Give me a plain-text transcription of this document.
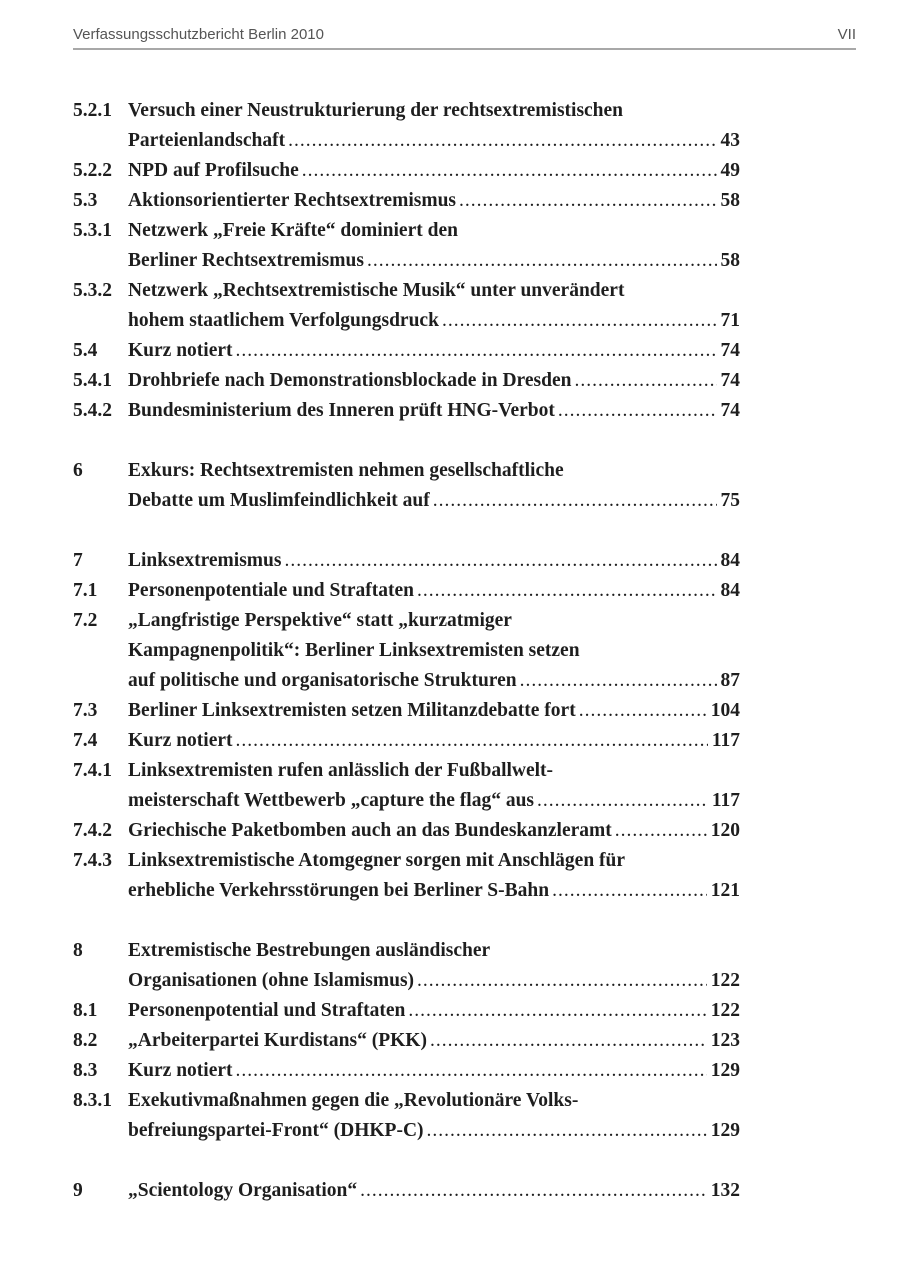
Verfassungsschutzbericht Berlin 2010	VII
5.2.1 Versuch einer Neustrukturierung der rechtsextremistischen
Parteienlandschaft .....	43
5.2.2 NPD auf Profilsuche .....	49
5.3	Aktionsorientierter Rechtsextremismus .....	58
5.3.1 Netzwerk „Freie Kräfte“ dominiert den
Berliner Rechtsextremismus .....	58
5.3.2 Netzwerk „Rechtsextremistische Musik“ unter unverändert
hohem staatlichem Verfolgungsdruck .....	71
5.4	Kurz notiert .....	74
5.4.1 Drohbriefe nach Demonstrationsblockade in Dresden .....	74
5.4.2 Bundesministerium des Inneren prüft HNG-Verbot .....	74
6	Exkurs: Rechtsextremisten nehmen gesellschaftliche
Debatte um Muslimfeindlichkeit auf .....	75
7	Linksextremismus .....	84
7.1	Personenpotentiale und Straftaten .....	84
7.2	„Langfristige Perspektive“ statt „kurzatmiger
Kampagnenpolitik“: Berliner Linksextremisten setzen
auf politische und organisatorische Strukturen .....	87
7.3	Berliner Linksextremisten setzen Militanzdebatte fort .....	104
7.4	Kurz notiert .....	117
7.4.1 Linksextremisten rufen anlässlich der Fußballwelt-
meisterschaft Wettbewerb „capture the flag“ aus .....	117
7.4.2 Griechische Paketbomben auch an das Bundeskanzleramt .....	120
7.4.3 Linksextremistische Atomgegner sorgen mit Anschlägen für
erhebliche Verkehrsstörungen bei Berliner S-Bahn .....	121
8	Extremistische Bestrebungen ausländischer
Organisationen (ohne Islamismus) .....	122
8.1	Personenpotential und Straftaten .....	122
8.2	„Arbeiterpartei Kurdistans“ (PKK) .....	123
8.3	Kurz notiert .....	129
8.3.1 Exekutivmaßnahmen gegen die „Revolutionäre Volks-
befreiungspartei-Front“ (DHKP-C) .....	129
9	„Scientology Organisation“ .....	132
